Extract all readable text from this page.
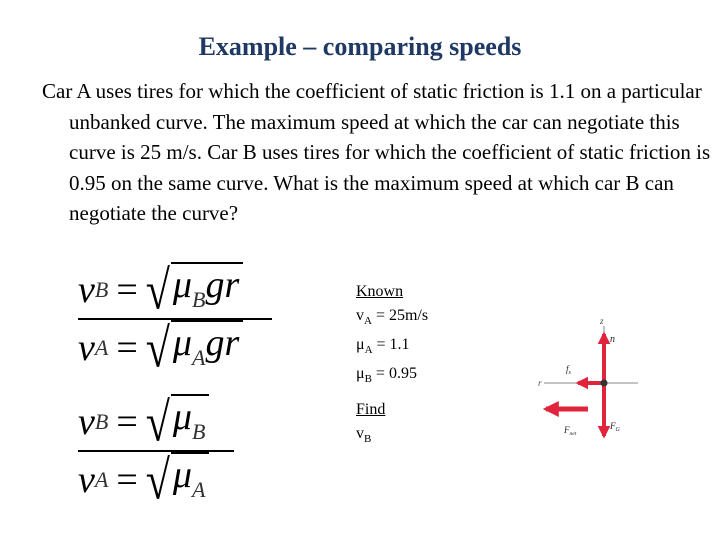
Example – comparing speeds
Car A uses tires for which the coefficient of static friction is 1.1 on a particular unbanked curve. The maximum speed at which the car can negotiate this curve is 25 m/s. Car B uses tires for which the coefficient of static friction is 0.95 on the same curve. What is the maximum speed at which car B can negotiate the curve?
v B = √ $\mu_Bgr$
v A = √ $\mu_Agr$
v B = √ $\mu_B$
v A = √ $\mu_A$
Known
$v_A = 25m/s$
$\mu_A = 1.1$
$\mu_B = 0.95$
Find
$v_B$
z
r
n
$f_s$
$F_{net}$
$F_G$
